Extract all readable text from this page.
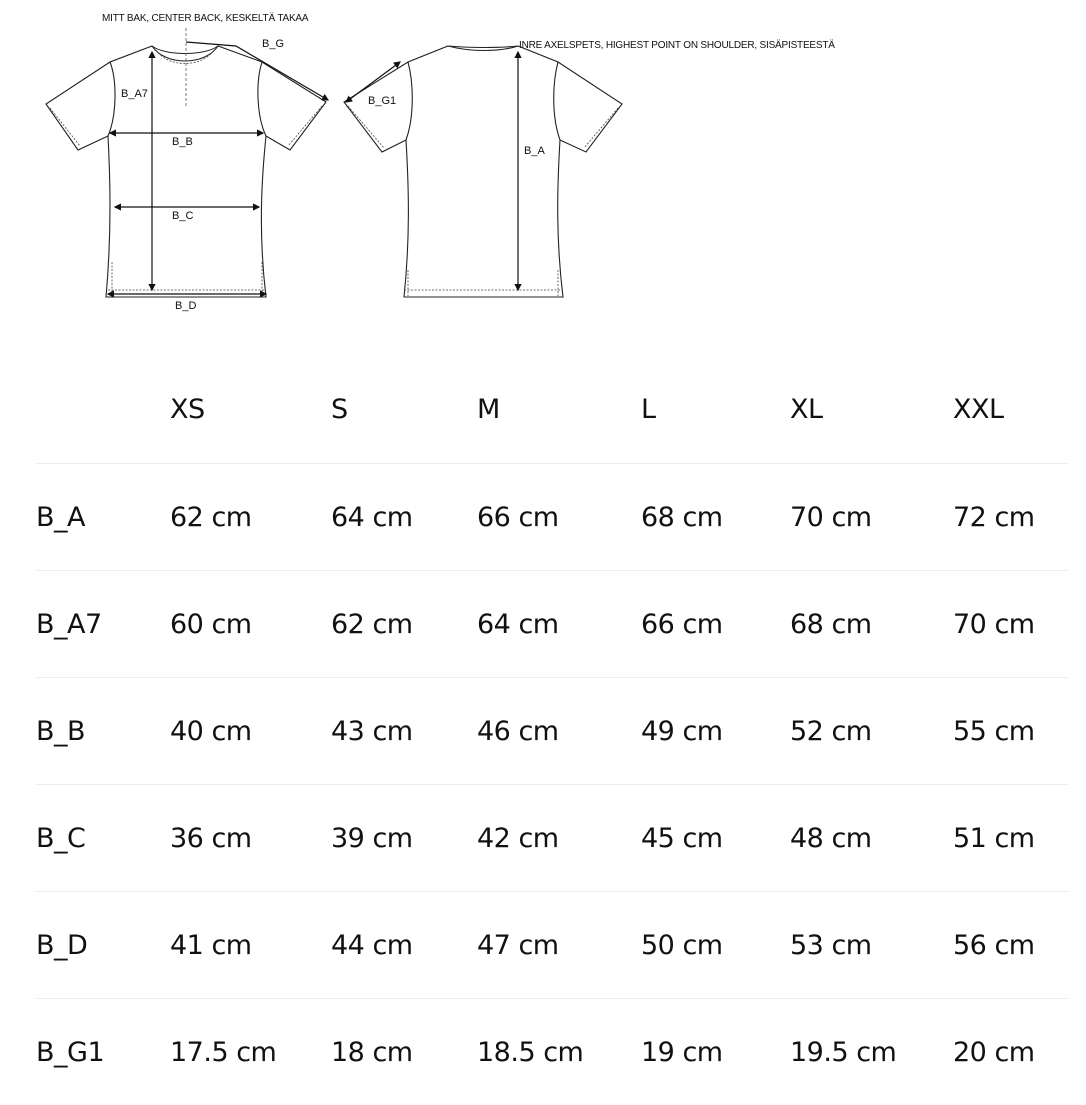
MITT BAK, CENTER BACK, KESKELTÄ TAKAA
B_G
B_A7
B_B
B_C
B_D
INRE AXELSPETS, HIGHEST POINT ON SHOULDER, SISÄPISTEESTÄ
B_G1
B_A
XS	S	M	L	XL	XXL
B_A	62 cm	64 cm 66 cm	68 cm 70 cm	72 cm
B_A7	60 cm	62 cm 64 cm	66 cm 68 cm	70 cm
B_B	40 cm	43 cm 46 cm	49 cm 52 cm	55 cm
B_C	36 cm	39 cm 42 cm	45 cm 48 cm	51 cm
B_D	41 cm	44 cm 47 cm	50 cm 53 cm	56 cm
B_G1 17.5 cm 18 cm 18.5 cm 19 cm 19.5 cm 20 cm
